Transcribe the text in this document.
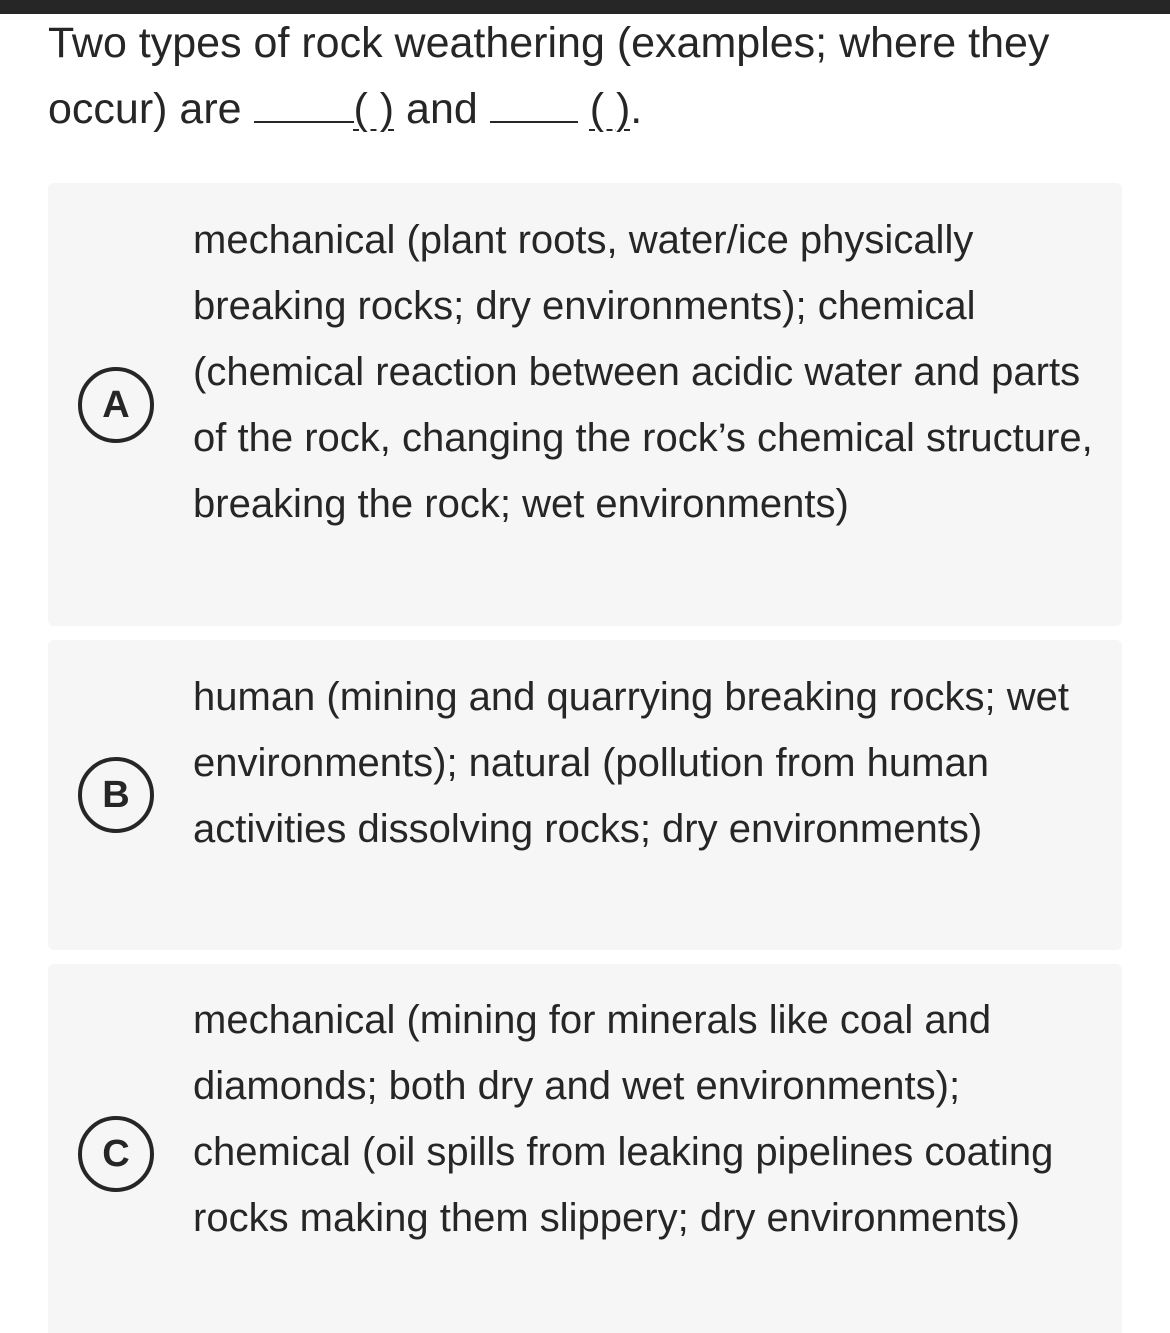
Two types of rock weathering (examples; where they occur) are ( ) and  ( ).

A

mechanical (plant roots, water/ice physically breaking rocks; dry environments); chemical (chemical reaction between acidic water and parts of the rock, changing the rock’s chemical structure, breaking the rock; wet environments)

B

human (mining and quarrying breaking rocks; wet environments); natural (pollution from human activities dissolving rocks; dry environments)

C

mechanical (mining for minerals like coal and diamonds; both dry and wet environments); chemical (oil spills from leaking pipelines coating rocks making them slippery; dry environments)
